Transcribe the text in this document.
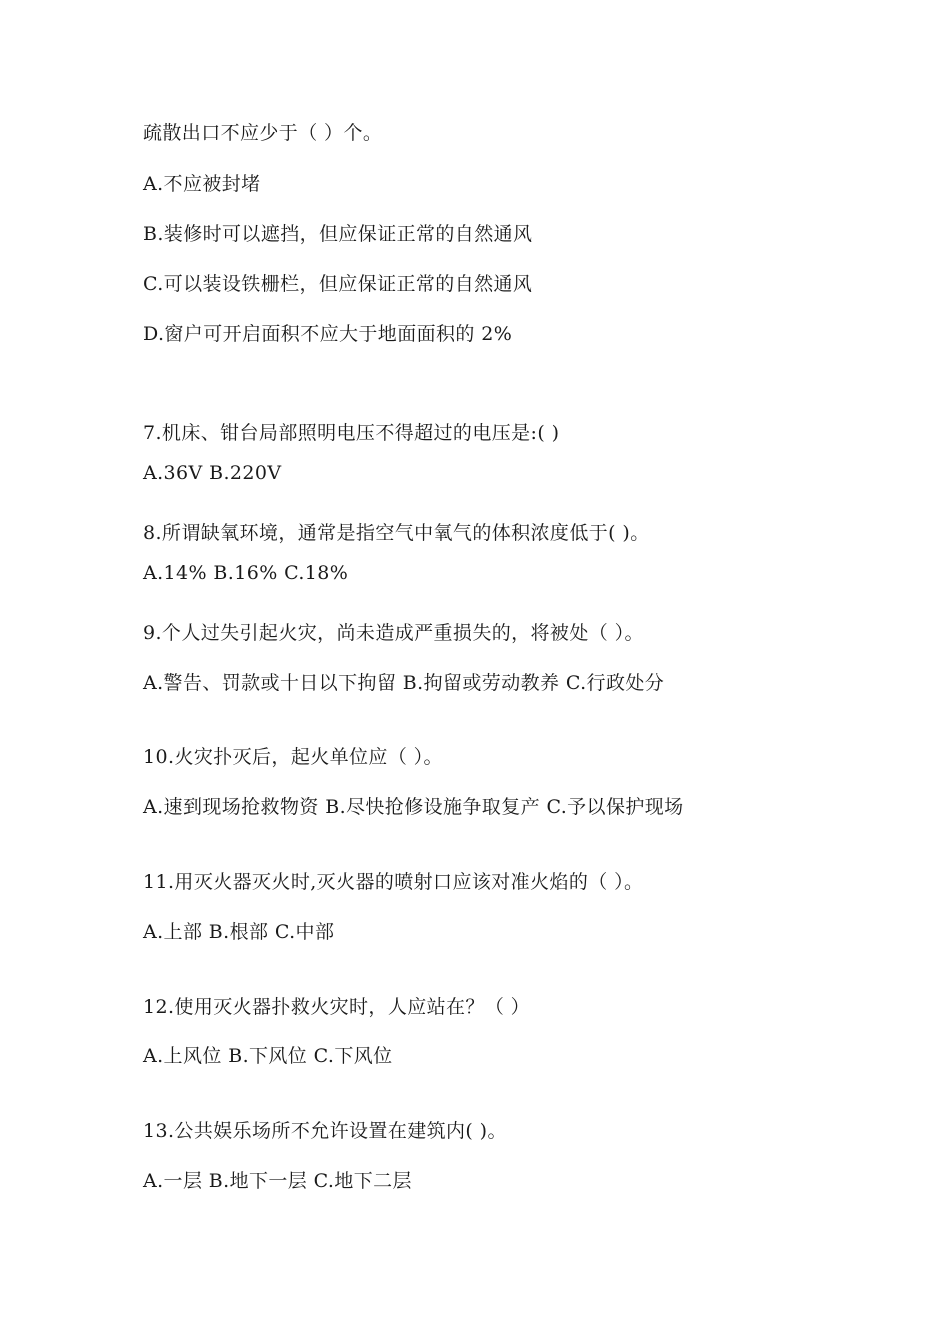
疏散出口不应少于（ ）个。
A.不应被封堵
B.装修时可以遮挡，但应保证正常的自然通风
C.可以装设铁栅栏，但应保证正常的自然通风
D.窗户可开启面积不应大于地面面积的 2%
7.机床、钳台局部照明电压不得超过的电压是:( )
A.36V B.220V
8.所谓缺氧环境，通常是指空气中氧气的体积浓度低于( )。
A.14% B.16% C.18%
9.个人过失引起火灾，尚未造成严重损失的，将被处（ ）。
A.警告、罚款或十日以下拘留 B.拘留或劳动教养 C.行政处分
10.火灾扑灭后，起火单位应（ ）。
A.速到现场抢救物资 B.尽快抢修设施争取复产 C.予以保护现场
11.用灭火器灭火时,灭火器的喷射口应该对准火焰的（ ）。
A.上部 B.根部 C.中部
12.使用灭火器扑救火灾时，人应站在？（ ）
A.上风位 B.下风位 C.下风位
13.公共娱乐场所不允许设置在建筑内( )。
A.一层 B.地下一层 C.地下二层
